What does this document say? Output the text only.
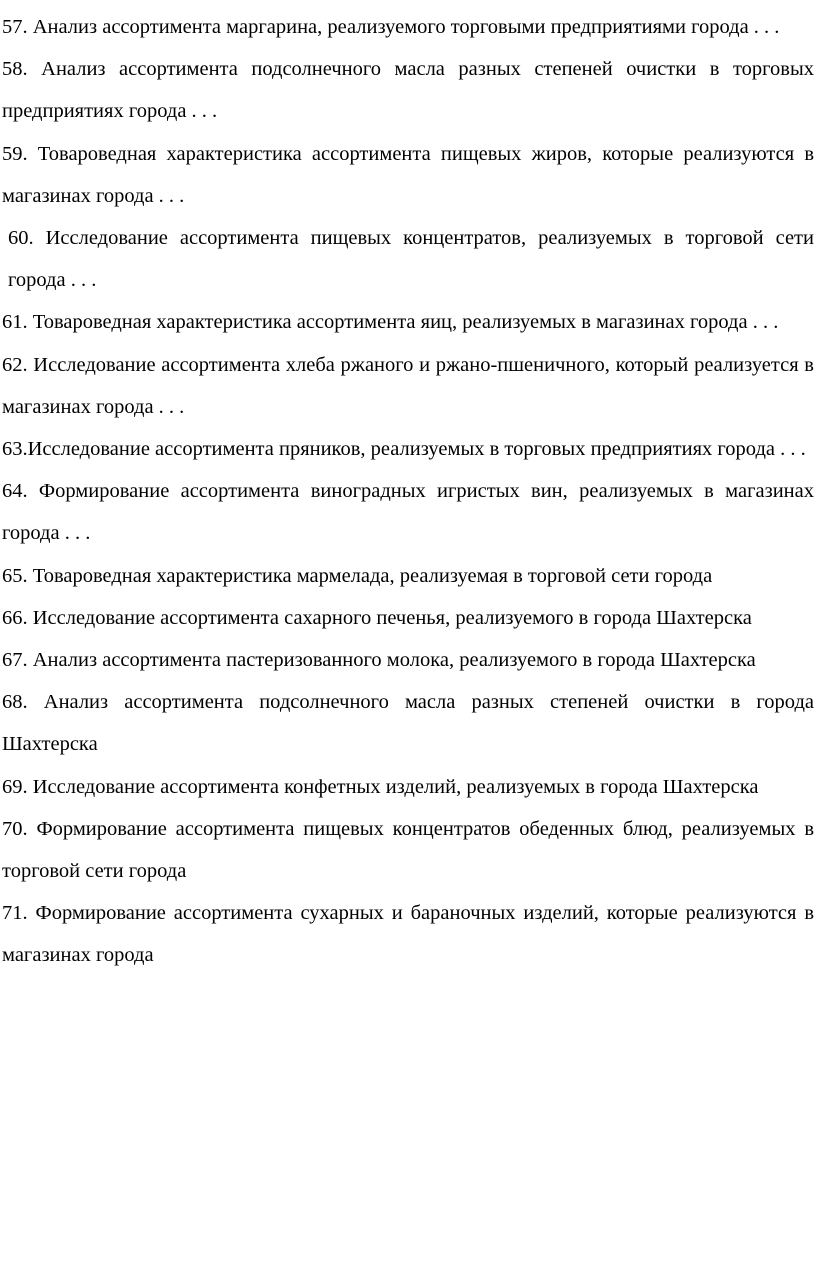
57. Анализ ассортимента маргарина, реализуемого торговыми предприятиями города . . .
58. Анализ ассортимента подсолнечного масла разных степеней очистки в торговых предприятиях города . . .
59. Товароведная характеристика ассортимента пищевых жиров, которые реализуются в магазинах города . . .
60. Исследование ассортимента пищевых концентратов, реализуемых в торговой сети города . . .
61. Товароведная характеристика ассортимента яиц, реализуемых в магазинах города . . .
62. Исследование ассортимента хлеба ржаного и ржано-пшеничного, который реализуется в магазинах города . . .
63.Исследование ассортимента пряников, реализуемых в торговых предприятиях города . . .
64. Формирование ассортимента виноградных игристых вин, реализуемых в магазинах города . . .
65. Товароведная характеристика мармелада, реализуемая в торговой сети города
66. Исследование ассортимента сахарного печенья, реализуемого в города Шахтерска
67. Анализ ассортимента пастеризованного молока, реализуемого в города Шахтерска
68. Анализ ассортимента подсолнечного масла разных степеней очистки в города Шахтерска
69. Исследование ассортимента конфетных изделий, реализуемых в города Шахтерска
70. Формирование ассортимента пищевых концентратов обеденных блюд, реализуемых в торговой сети города
71. Формирование ассортимента сухарных и бараночных изделий, которые реализуются в магазинах города
